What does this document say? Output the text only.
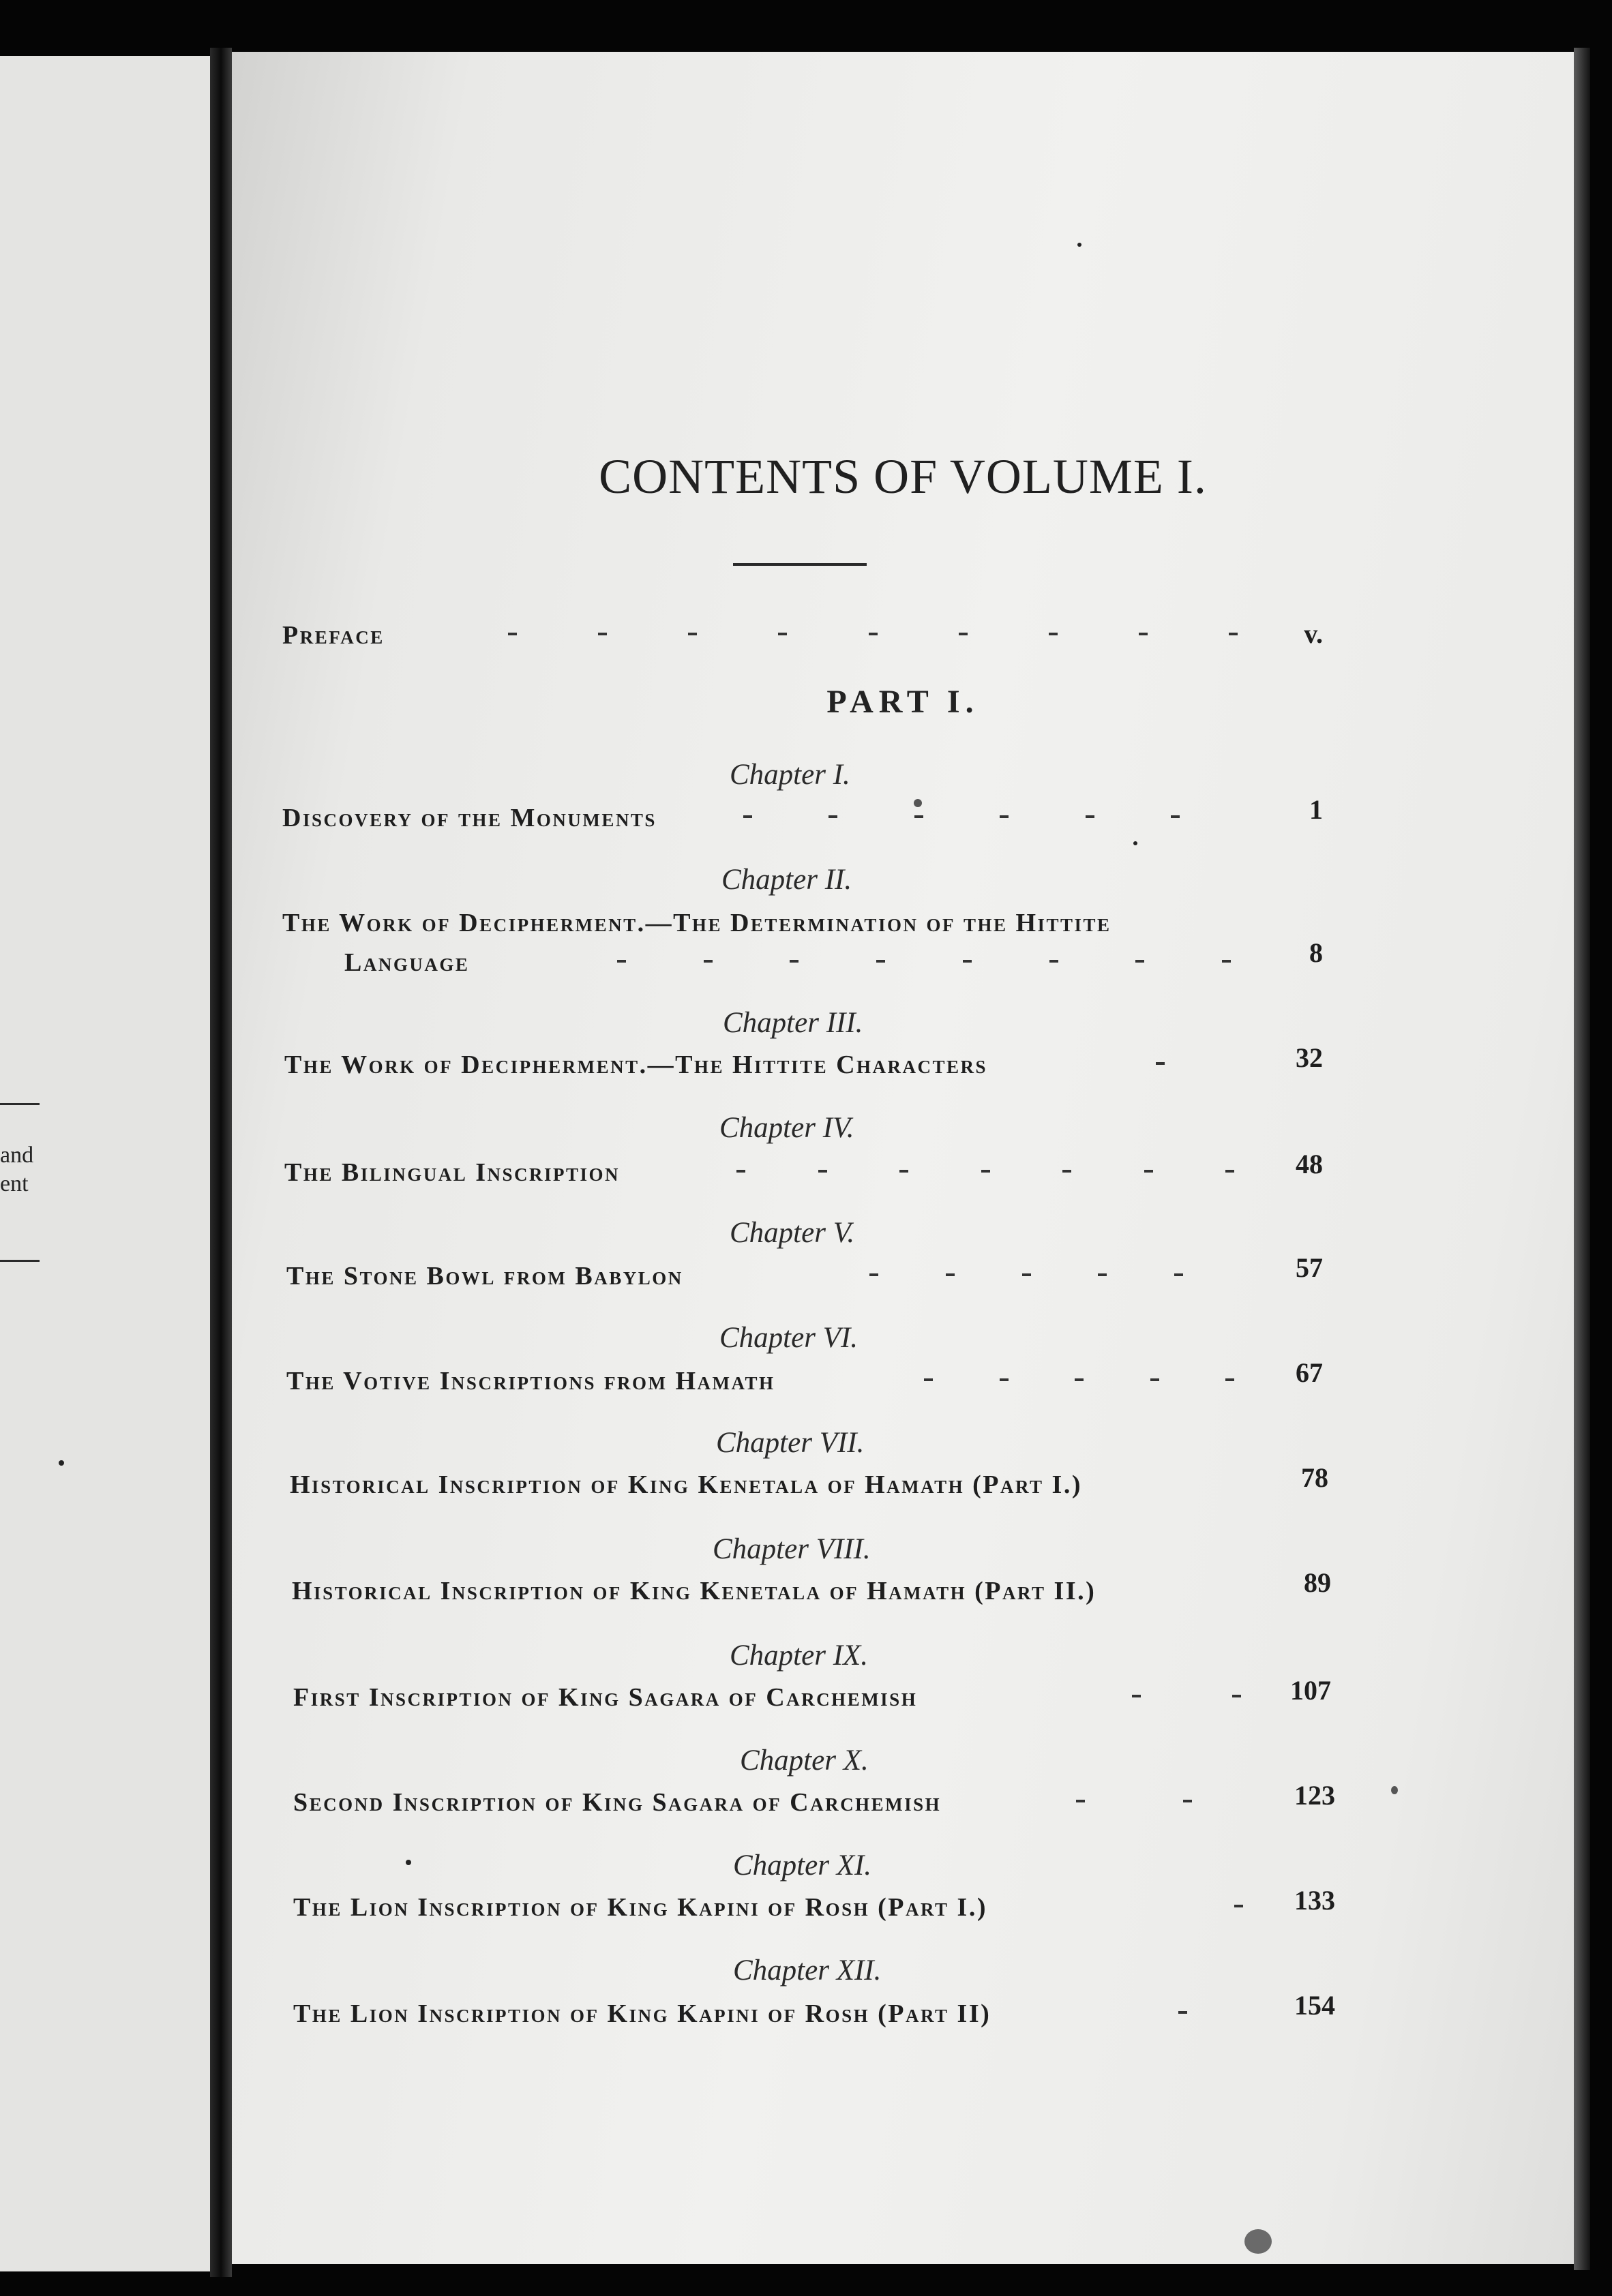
and
ent
CONTENTS OF VOLUME I.
Preface	v.
PART I.
Chapter I.
Discovery of the Monuments	1
Chapter II.
The Work of Decipherment.—The Determination of the Hittite
Language	8
Chapter III.
The Work of Decipherment.—The Hittite Characters	32
Chapter IV.
The Bilingual Inscription	48
Chapter V.
The Stone Bowl from Babylon	57
Chapter VI.
The Votive Inscriptions from Hamath	67
Chapter VII.
Historical Inscription of King Kenetala of Hamath (Part I.)	78
Chapter VIII.
Historical Inscription of King Kenetala of Hamath (Part II.)	89
Chapter IX.
First Inscription of King Sagara of Carchemish	107
Chapter X.
Second Inscription of King Sagara of Carchemish	123
Chapter XI.
The Lion Inscription of King Kapini of Rosh (Part I.)	133
Chapter XII.
The Lion Inscription of King Kapini of Rosh (Part II)	154
